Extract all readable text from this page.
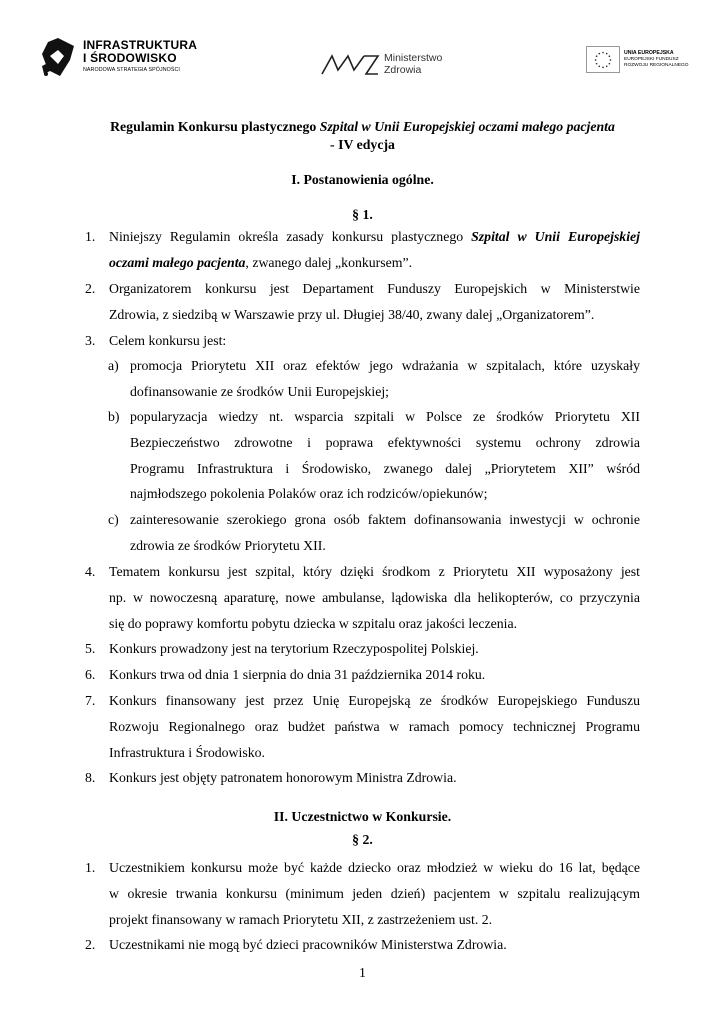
INFRASTRUKTURA
I ŚRODOWISKO
NARODOWA STRATEGIA SPÓJNOŚCI
Ministerstwo
Zdrowia
UNIA EUROPEJSKA
EUROPEJSKI FUNDUSZ
ROZWOJU REGIONALNEGO
Regulamin Konkursu plastycznego Szpital w Unii Europejskiej oczami małego pacjenta
- IV edycja
I. Postanowienia ogólne.
§ 1.
1. Niniejszy Regulamin określa zasady konkursu plastycznego Szpital w Unii Europejskiej
oczami małego pacjenta, zwanego dalej „konkursem”.
2. Organizatorem konkursu jest Departament Funduszy Europejskich w Ministerstwie
Zdrowia, z siedzibą w Warszawie przy ul. Długiej 38/40, zwany dalej „Organizatorem”.
3. Celem konkursu jest:
a) promocja Priorytetu XII oraz efektów jego wdrażania w szpitalach, które uzyskały
dofinansowanie ze środków Unii Europejskiej;
b) popularyzacja wiedzy nt. wsparcia szpitali w Polsce ze środków Priorytetu XII
Bezpieczeństwo zdrowotne i poprawa efektywności systemu ochrony zdrowia
Programu Infrastruktura i Środowisko, zwanego dalej „Priorytetem XII” wśród
najmłodszego pokolenia Polaków oraz ich rodziców/opiekunów;
c) zainteresowanie szerokiego grona osób faktem dofinansowania inwestycji w ochronie
zdrowia ze środków Priorytetu XII.
4. Tematem konkursu jest szpital, który dzięki środkom z Priorytetu XII wyposażony jest
np. w nowoczesną aparaturę, nowe ambulanse, lądowiska dla helikopterów, co przyczynia
się do poprawy komfortu pobytu dziecka w szpitalu oraz jakości leczenia.
5. Konkurs prowadzony jest na terytorium Rzeczypospolitej Polskiej.
6. Konkurs trwa od dnia 1 sierpnia do dnia 31 października 2014 roku.
7. Konkurs finansowany jest przez Unię Europejską ze środków Europejskiego Funduszu
Rozwoju Regionalnego oraz budżet państwa w ramach pomocy technicznej Programu
Infrastruktura i Środowisko.
8. Konkurs jest objęty patronatem honorowym Ministra Zdrowia.
II. Uczestnictwo w Konkursie.
§ 2.
1. Uczestnikiem konkursu może być każde dziecko oraz młodzież w wieku do 16 lat, będące
w okresie trwania konkursu (minimum jeden dzień) pacjentem w szpitalu realizującym
projekt finansowany w ramach Priorytetu XII, z zastrzeżeniem ust. 2.
2. Uczestnikami nie mogą być dzieci pracowników Ministerstwa Zdrowia.
1
